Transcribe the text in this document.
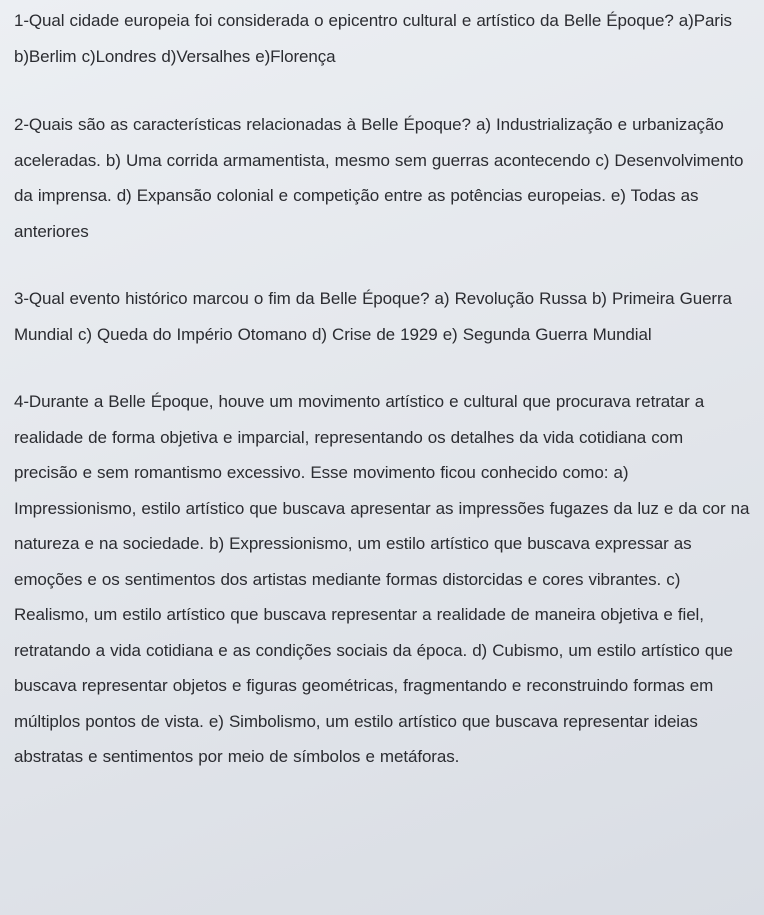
1-Qual cidade europeia foi considerada o epicentro cultural e artístico da Belle Époque? a)Paris b)Berlim c)Londres d)Versalhes e)Florença

2-Quais são as características relacionadas à Belle Époque? a) Industrialização e urbanização aceleradas. b) Uma corrida armamentista, mesmo sem guerras acontecendo c) Desenvolvimento da imprensa. d) Expansão colonial e competição entre as potências europeias. e) Todas as anteriores

3-Qual evento histórico marcou o fim da Belle Époque? a) Revolução Russa b) Primeira Guerra Mundial c) Queda do Império Otomano d) Crise de 1929 e) Segunda Guerra Mundial

4-Durante a Belle Époque, houve um movimento artístico e cultural que procurava retratar a realidade de forma objetiva e imparcial, representando os detalhes da vida cotidiana com precisão e sem romantismo excessivo. Esse movimento ficou conhecido como: a) Impressionismo, estilo artístico que buscava apresentar as impressões fugazes da luz e da cor na natureza e na sociedade. b) Expressionismo, um estilo artístico que buscava expressar as emoções e os sentimentos dos artistas mediante formas distorcidas e cores vibrantes. c) Realismo, um estilo artístico que buscava representar a realidade de maneira objetiva e fiel, retratando a vida cotidiana e as condições sociais da época. d) Cubismo, um estilo artístico que buscava representar objetos e figuras geométricas, fragmentando e reconstruindo formas em múltiplos pontos de vista. e) Simbolismo, um estilo artístico que buscava representar ideias abstratas e sentimentos por meio de símbolos e metáforas.
